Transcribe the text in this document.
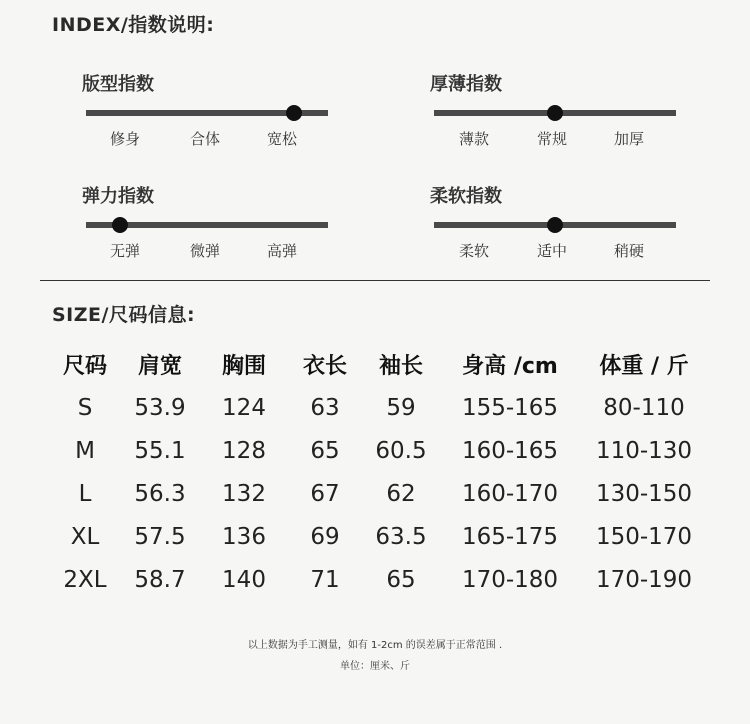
INDEX/指数说明:
版型指数
修身	合体	宽松
厚薄指数
薄款	常规	加厚
弹力指数
无弹	微弹	高弹
柔软指数
柔软	适中	稍硬
SIZE/尺码信息:
尺码	肩宽	胸围	衣长	袖长	身高 /cm	体重 / 斤
S	53.9	124	63	59	155-165	80-110
M	55.1	128	65	60.5	160-165	110-130
L	56.3	132	67	62	160-170	130-150
XL	57.5	136	69	63.5	165-175	150-170
2XL	58.7	140	71	65	170-180	170-190
以上数据为手工测量，如有 1-2cm 的误差属于正常范围 .
单位：厘米、斤
